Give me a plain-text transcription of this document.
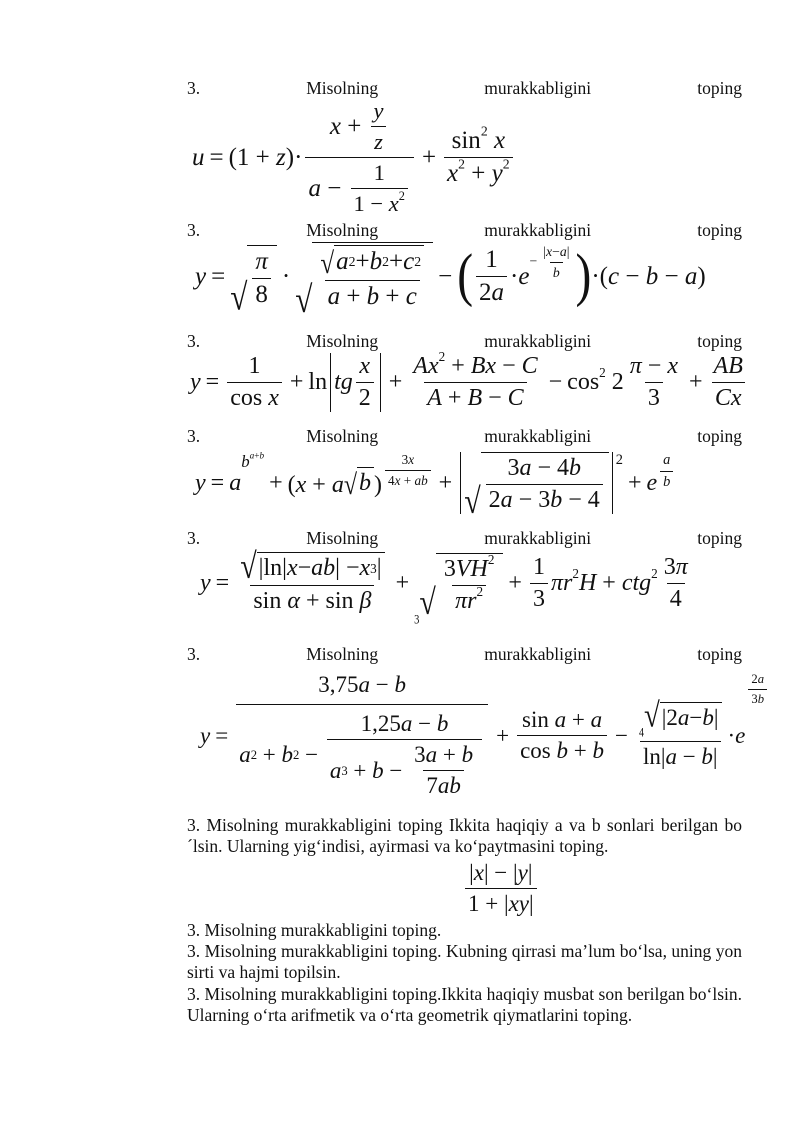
3.	Misolning	murakkabligini	toping
$u = (1 + z)\cdot \frac{x + \frac{y}{z}}{a - \frac{1}{1 - x^2}} + \frac{\sin^2 x}{x^2 + y^2}$
3.	Misolning	murakkabligini	toping
y = √ $\frac{\pi}{8}$ ·
√ $\frac{√ a 2 + b 2 + c 2}{a + b + c}$ − ( $\frac{1}{2a} \cdot e$
− $\frac{|x-a|}{b}$ ) ·(c − b − a)
3.	Misolning	murakkabligini	toping
$y = \frac{1}{\text{cos x}} + \ln$ tg $\frac{x}{2} + \frac{Ax^2 + Bx - C}{A + B - C} - \cos^2 2 \frac{\pi - x}{3} + \frac{AB}{Cx}$
3.	Misolning	murakkabligini	toping
y = a
$b^{a+b}$
+ (x + a √ b ) $\frac{3x}{4x + ab}$ + √ $\frac{3a - 4b}{2a - 3b - 4} 2$
+ e $\frac{a}{b}$
3.	Misolning	murakkabligini	toping
$y = \frac{√ |\ln| x - ab | - x 3 |}{\text{sin α + sin β}}$ +
3 √ $\frac{3VH^2}{\pi r^2} + \frac{1}{3} \pi r^2H + ctg^2 \frac{3\pi}{4}$
3.	Misolning	murakkabligini	toping
y =
3,75a − b
a 2 + b $2 - \frac{1,25a - b}{a 3 + b - \frac{3a + b}{7ab}} + \frac{\text{sin a + a}}{\text{cos b + b}} - \frac{4 √ |2 a - b |}{\ln|a - b|} \cdot e$
$\frac{2a}{3b}$
3. Misolning murakkabligini toping Ikkita haqiqiy a va b sonlari berilgan bo´lsin. Ularning yig‘indisi, ayirmasi va ko‘paytmasini toping.
3. Misolning murakkabligini toping.
$\frac{|x| - |y|}{1 + |xy|}$
3. Misolning murakkabligini toping. Kubning qirrasi ma’lum bo‘lsa, uning yon sirti va hajmi topilsin.
3. Misolning murakkabligini toping.Ikkita haqiqiy musbat son berilgan bo‘lsin. Ularning o‘rta arifmetik va o‘rta geometrik qiymatlarini toping.
